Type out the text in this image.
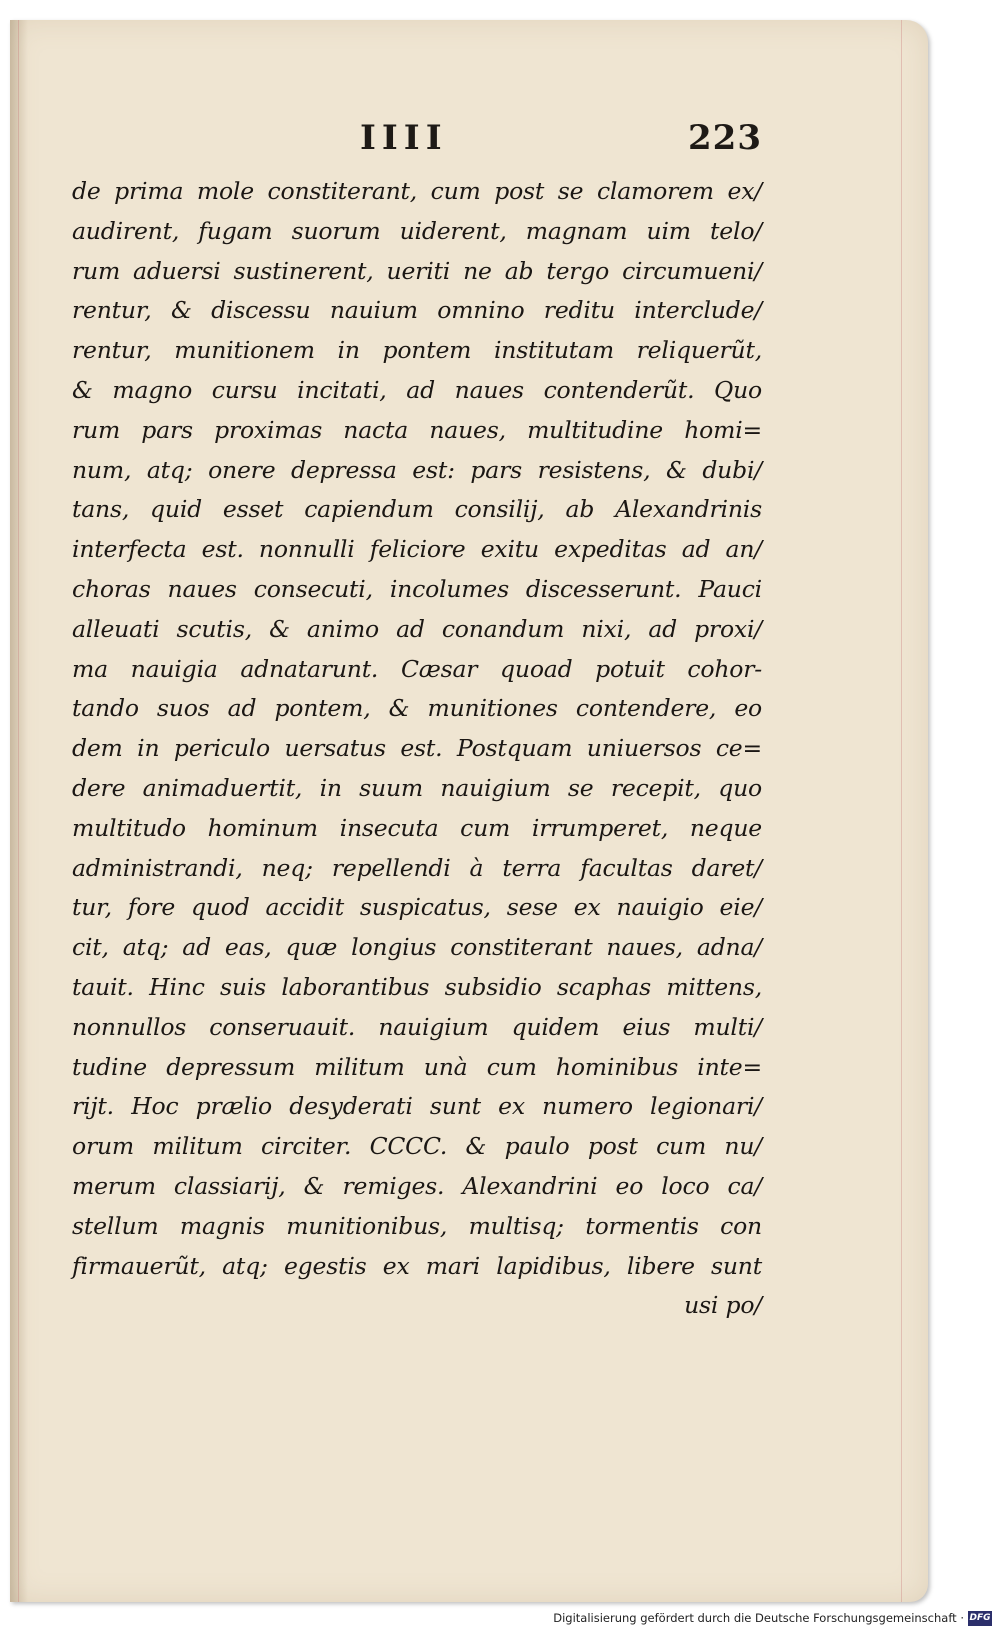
IIII	223
de prima mole constiterant, cum post se clamorem ex/
audirent, fugam suorum uiderent, magnam uim telo/
rum aduersi sustinerent, ueriti ne ab tergo circumueni/
rentur, & discessu nauium omnino reditu interclude/
rentur, munitionem in pontem institutam reliquerũt,
& magno cursu incitati, ad naues contenderũt. Quo
rum pars proximas nacta naues, multitudine homi=
num, atq; onere depressa est: pars resistens, & dubi/
tans, quid esset capiendum consilij, ab Alexandrinis
interfecta est. nonnulli feliciore exitu expeditas ad an/
choras naues consecuti, incolumes discesserunt. Pauci
alleuati scutis, & animo ad conandum nixi, ad proxi/
ma nauigia adnatarunt. Cæsar quoad potuit cohor-
tando suos ad pontem, & munitiones contendere, eo
dem in periculo uersatus est. Postquam uniuersos ce=
dere animaduertit, in suum nauigium se recepit, quo
multitudo hominum insecuta cum irrumperet, neque
administrandi, neq; repellendi à terra facultas daret/
tur, fore quod accidit suspicatus, sese ex nauigio eie/
cit, atq; ad eas, quæ longius constiterant naues, adna/
tauit. Hinc suis laborantibus subsidio scaphas mittens,
nonnullos conseruauit. nauigium quidem eius multi/
tudine depressum militum unà cum hominibus inte=
rijt. Hoc prælio desyderati sunt ex numero legionari/
orum militum circiter. CCCC. & paulo post cum nu/
merum classiarij, & remiges. Alexandrini eo loco ca/
stellum magnis munitionibus, multisq; tormentis con
firmauerũt, atq; egestis ex mari lapidibus, libere sunt
usi po/
Digitalisierung gefördert durch die Deutsche Forschungsgemeinschaft · DFG
